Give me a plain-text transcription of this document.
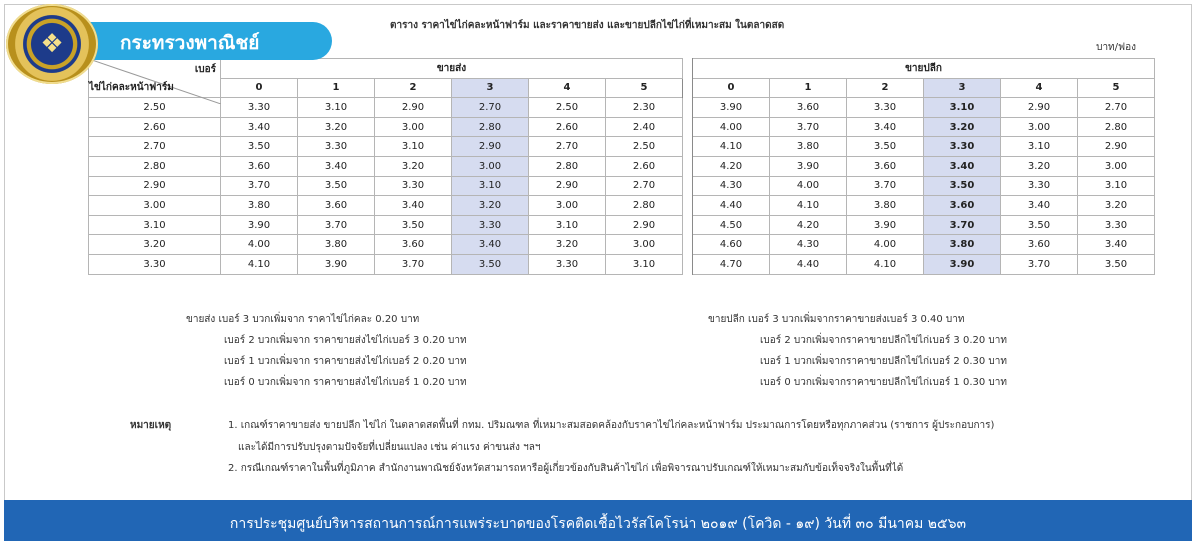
❖	กระทรวงพาณิชย์
ตาราง ราคาไข่ไก่คละหน้าฟาร์ม และราคาขายส่ง และขายปลีกไข่ไก่ที่เหมาะสม ในตลาดสด
บาท/ฟอง
เบอร์
ไข่ไก่คละหน้าฟาร์ม	ขายส่ง							ขายปลีก					
	0	1	2	3	4	5		0	1	2	3	4	5
2.50	3.30	3.10	2.90	2.70	2.50	2.30		3.90	3.60	3.30	3.10	2.90	2.70
2.60	3.40	3.20	3.00	2.80	2.60	2.40		4.00	3.70	3.40	3.20	3.00	2.80
2.70	3.50	3.30	3.10	2.90	2.70	2.50		4.10	3.80	3.50	3.30	3.10	2.90
2.80	3.60	3.40	3.20	3.00	2.80	2.60		4.20	3.90	3.60	3.40	3.20	3.00
2.90	3.70	3.50	3.30	3.10	2.90	2.70		4.30	4.00	3.70	3.50	3.30	3.10
3.00	3.80	3.60	3.40	3.20	3.00	2.80		4.40	4.10	3.80	3.60	3.40	3.20
3.10	3.90	3.70	3.50	3.30	3.10	2.90		4.50	4.20	3.90	3.70	3.50	3.30
3.20	4.00	3.80	3.60	3.40	3.20	3.00		4.60	4.30	4.00	3.80	3.60	3.40
3.30	4.10	3.90	3.70	3.50	3.30	3.10		4.70	4.40	4.10	3.90	3.70	3.50
ขายส่ง เบอร์ 3 บวกเพิ่มจาก ราคาไข่ไก่คละ 0.20 บาท
เบอร์ 2 บวกเพิ่มจาก ราคาขายส่งไข่ไก่เบอร์ 3 0.20 บาท
เบอร์ 1 บวกเพิ่มจาก ราคาขายส่งไข่ไก่เบอร์ 2 0.20 บาท
เบอร์ 0 บวกเพิ่มจาก ราคาขายส่งไข่ไก่เบอร์ 1 0.20 บาท
ขายปลีก เบอร์ 3 บวกเพิ่มจากราคาขายส่งเบอร์ 3 0.40 บาท
เบอร์ 2 บวกเพิ่มจากราคาขายปลีกไข่ไก่เบอร์ 3 0.20 บาท
เบอร์ 1 บวกเพิ่มจากราคาขายปลีกไข่ไก่เบอร์ 2 0.30 บาท
เบอร์ 0 บวกเพิ่มจากราคาขายปลีกไข่ไก่เบอร์ 1 0.30 บาท
หมายเหตุ	1. เกณฑ์ราคาขายส่ง ขายปลีก ไข่ไก่ ในตลาดสดพื้นที่ กทม. ปริมณฑล ที่เหมาะสมสอดคล้องกับราคาไข่ไก่คละหน้าฟาร์ม ประมาณการโดยหรือทุกภาคส่วน (ราชการ ผู้ประกอบการ)
และได้มีการปรับปรุงตามปัจจัยที่เปลี่ยนแปลง เช่น ค่าแรง ค่าขนส่ง ฯลฯ
2. กรณีเกณฑ์ราคาในพื้นที่ภูมิภาค สำนักงานพาณิชย์จังหวัดสามารถหารือผู้เกี่ยวข้องกับสินค้าไข่ไก่ เพื่อพิจารณาปรับเกณฑ์ให้เหมาะสมกับข้อเท็จจริงในพื้นที่ได้
การประชุมศูนย์บริหารสถานการณ์การแพร่ระบาดของโรคติดเชื้อไวรัสโคโรน่า ๒๐๑๙ (โควิด - ๑๙) วันที่ ๓๐ มีนาคม ๒๕๖๓
